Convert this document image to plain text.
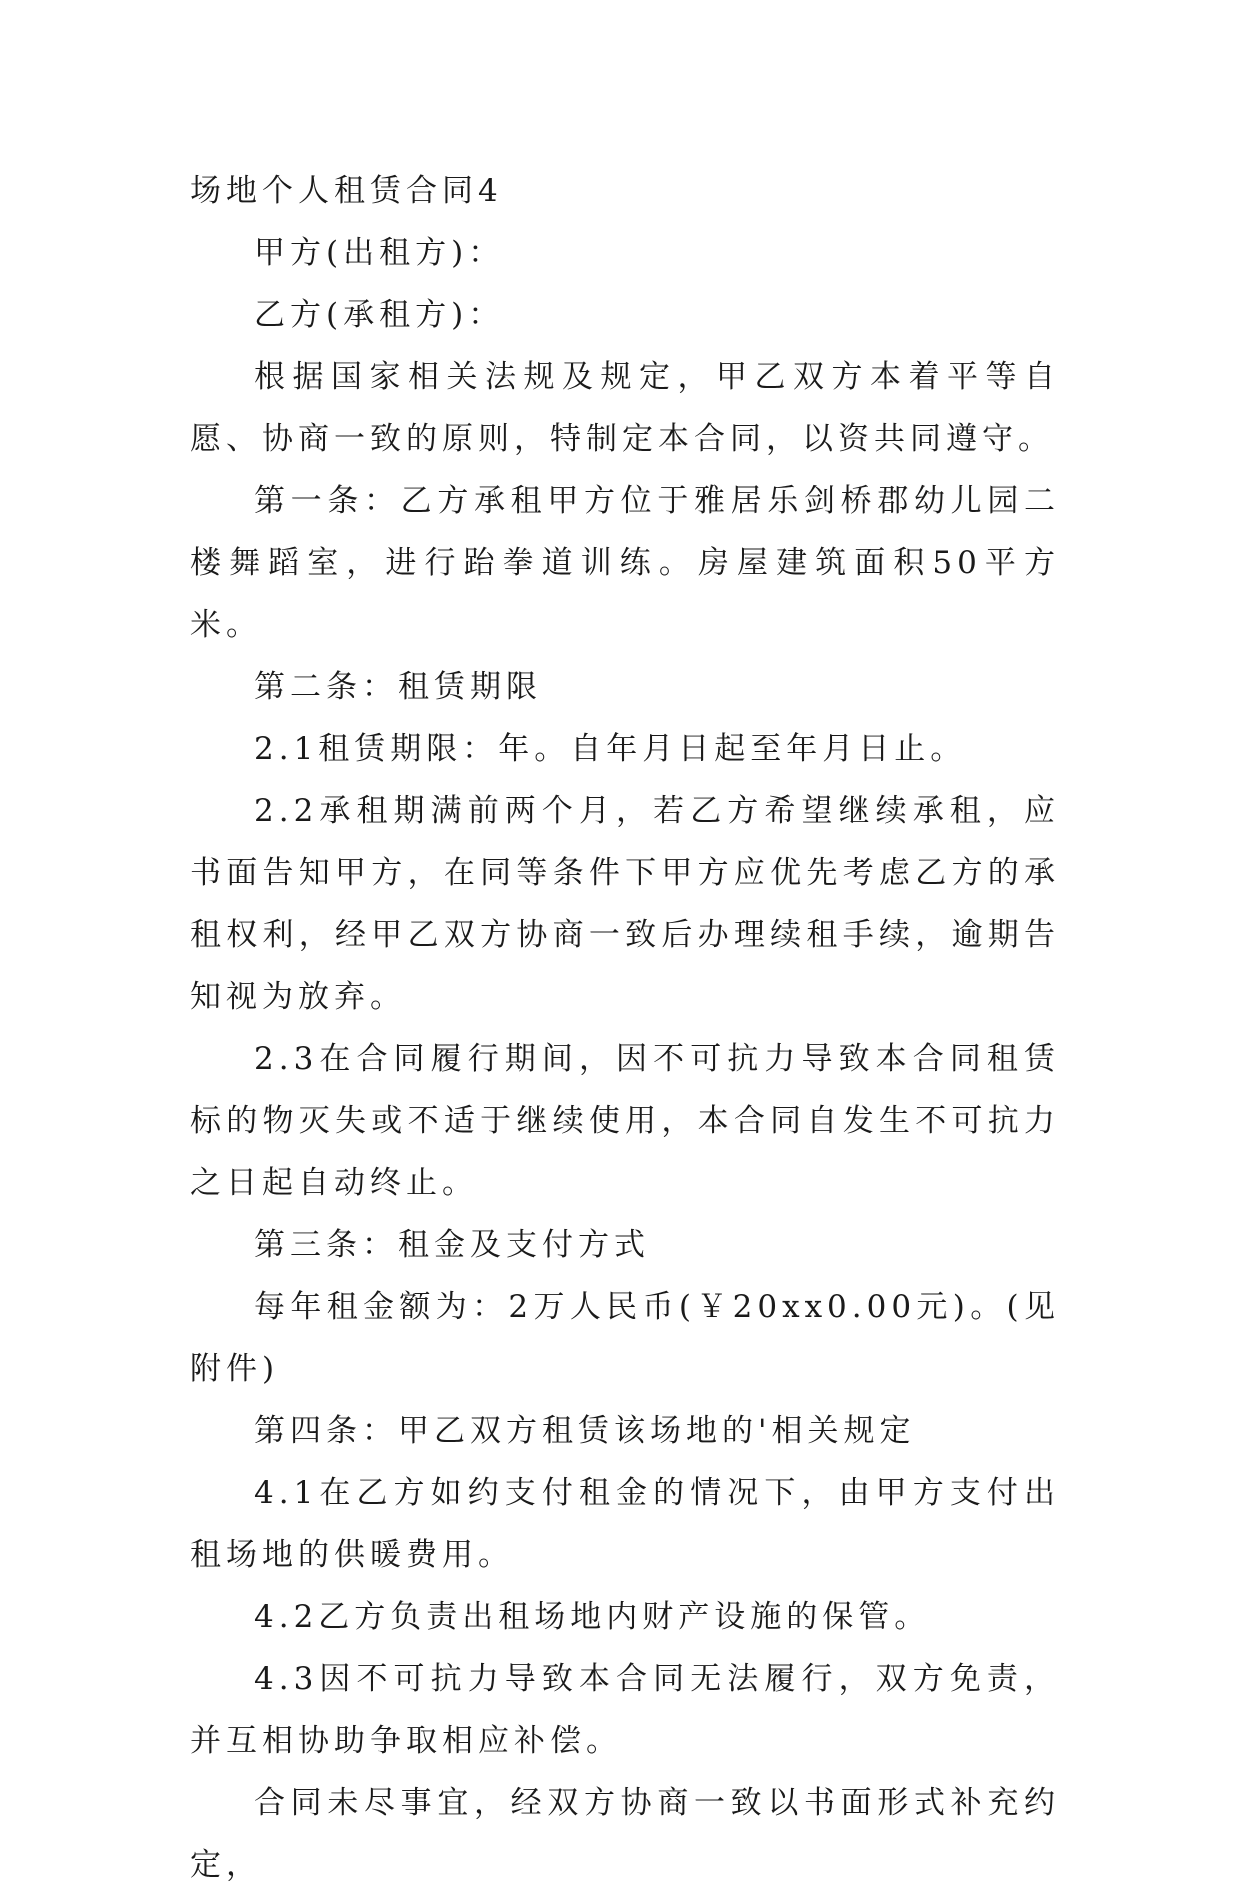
场地个人租赁合同4

甲方(出租方)：

乙方(承租方)：

根据国家相关法规及规定，甲乙双方本着平等自愿、协商一致的原则，特制定本合同，以资共同遵守。

第一条：乙方承租甲方位于雅居乐剑桥郡幼儿园二楼舞蹈室，进行跆拳道训练。房屋建筑面积50平方米。

第二条：租赁期限

2.1租赁期限：年。自年月日起至年月日止。

2.2承租期满前两个月，若乙方希望继续承租，应书面告知甲方，在同等条件下甲方应优先考虑乙方的承租权利，经甲乙双方协商一致后办理续租手续，逾期告知视为放弃。

2.3在合同履行期间，因不可抗力导致本合同租赁标的物灭失或不适于继续使用，本合同自发生不可抗力之日起自动终止。

第三条：租金及支付方式

每年租金额为：2万人民币(￥20xx0.00元)。(见附件)

第四条：甲乙双方租赁该场地的'相关规定

4.1在乙方如约支付租金的情况下，由甲方支付出租场地的供暖费用。

4.2乙方负责出租场地内财产设施的保管。

4.3因不可抗力导致本合同无法履行，双方免责，并互相协助争取相应补偿。

合同未尽事宜，经双方协商一致以书面形式补充约定，
